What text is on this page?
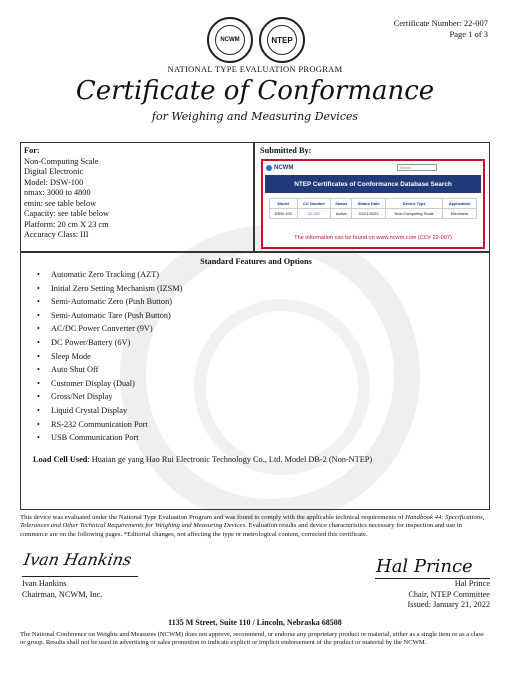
Certificate Number: 22-007
Page 1 of 3
NCWM	NTEP
NATIONAL TYPE EVALUATION PROGRAM
Certificate of Conformance
for Weighing and Measuring Devices
For:
Non-Computing Scale
Digital Electronic
Model: DSW-100
nmax: 3000 to 4800
emin: see table below
Capacity: see table below
Platform: 20 cm X 23 cm
Accuracy Class: III
Submitted By:
NCWM	Search
NTEP Certificates of Conformance Database Search
Model	CC Number	Status	Status Date	Device Type	Application
DSW-100	22-007	Active	01/21/2022	Non-Computing Scale	Electronic
The information can be found on www.ncwm.com (CC# 22-007)
Standard Features and Options
• Automatic Zero Tracking (AZT)
• Initial Zero Setting Mechanism (IZSM)
• Semi-Automatic Zero (Push Button)
• Semi-Automatic Tare (Push Button)
• AC/DC Power Converter (9V)
• DC Power/Battery (6V)
• Sleep Mode
• Auto Shut Off
• Customer Display (Dual)
• Gross/Net Display
• Liquid Crystal Display
• RS-232 Communication Port
• USB Communication Port
Load Cell Used: Huaian ge yang Hao Rui Electronic Technology Co., Ltd. Model DB-2 (Non-NTEP)
This device was evaluated under the National Type Evaluation Program and was found to comply with the applicable technical requirements of Handbook 44: Specifications, Tolerances and Other Technical Requirements for Weighing and Measuring Devices. Evaluation results and device characteristics necessary for inspection and use in commerce are on the following pages. *Editorial changes, not affecting the type or metrological content, corrected this certificate.
Ivan Hankins
Ivan Hankins
Chairman, NCWM, Inc.
Hal Prince
Hal Prince
Chair, NTEP Committee
Issued: January 21, 2022
1135 M Street, Suite 110 / Lincoln, Nebraska 68508
The National Conference on Weights and Measures (NCWM) does not approve, recommend, or endorse any proprietary product or material, either as a single item or as a class or group. Results shall not be used in advertising or sales promotion to indicate explicit or implicit endorsement of the product or material by the NCWM.
